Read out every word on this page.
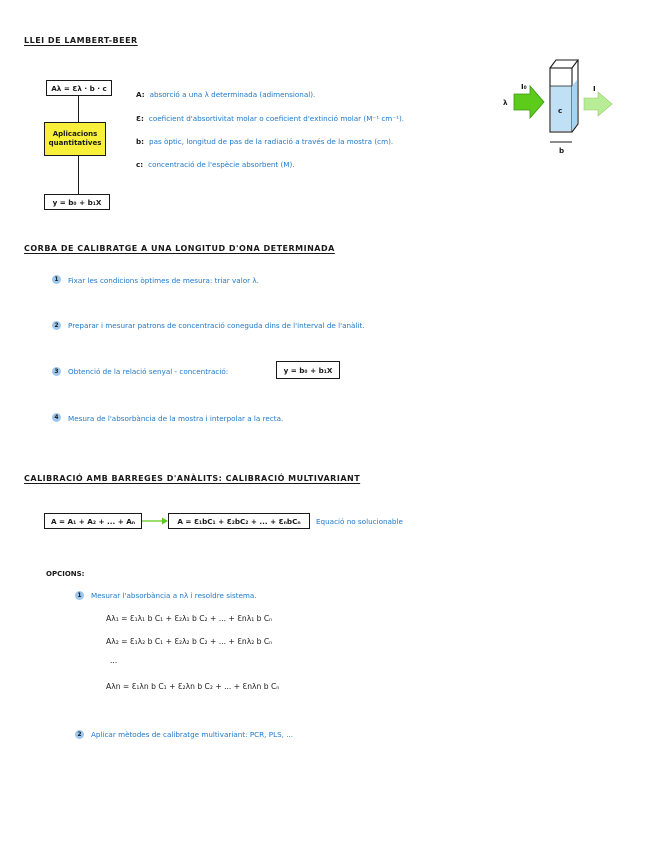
LLEI DE LAMBERT-BEER
Aλ = Ɛλ · b · c
Aplicacions quantitatives
y = b₀ + b₁X
A: absorció a una λ determinada (adimensional).
Ɛ: coeficient d'absortivitat molar o coeficient d'extinció molar (M⁻¹ cm⁻¹).
b: pas òptic, longitud de pas de la radiació a través de la mostra (cm).
c: concentració de l'espècie absorbent (M).
λ
I₀	I
c
b
CORBA DE CALIBRATGE A UNA LONGITUD D'ONA DETERMINADA
1	Fixar les condicions òptimes de mesura: triar valor λ.
2	Preparar i mesurar patrons de concentració coneguda dins de l'interval de l'anàlit.
3	Obtenció de la relació senyal - concentració:	y = b₀ + b₁X
4	Mesura de l'absorbància de la mostra i interpolar a la recta.
CALIBRACIÓ AMB BARREGES D'ANÀLITS: CALIBRACIÓ MULTIVARIANT
A = A₁ + A₂ + ... + Aₙ	A = Ɛ₁bC₁ + Ɛ₂bC₂ + ... + ƐₙbCₙ	Equació no solucionable
OPCIONS:
1	Mesurar l'absorbància a nλ i resoldre sistema.
Aλ₁ = Ɛ₁λ₁ b C₁ + Ɛ₂λ₁ b C₂ + ... + Ɛnλ₁ b Cₙ
Aλ₂ = Ɛ₁λ₂ b C₁ + Ɛ₂λ₂ b C₂ + ... + Ɛnλ₂ b Cₙ
...
Aλn = Ɛ₁λn b C₁ + Ɛ₂λn b C₂ + ... + Ɛnλn b Cₙ
2	Aplicar mètodes de calibratge multivariant: PCR, PLS, ...
